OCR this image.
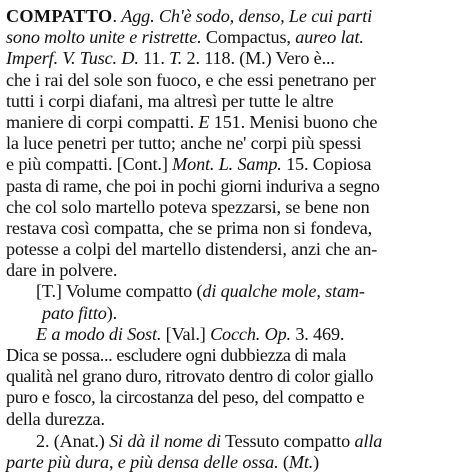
COMPATTO. Agg. Ch'è sodo, denso, Le cui parti
sono molto unite e ristrette. Compactus, aureo lat.
Imperf. V. Tusc. D. 11. T. 2. 118. (M.) Vero è...
che i rai del sole son fuoco, e che essi penetrano per
tutti i corpi diafani, ma altresì per tutte le altre
maniere di corpi compatti. E 151. Menisi buono che
la luce penetri per tutto; anche ne' corpi più spessi
e più compatti. [Cont.] Mont. L. Samp. 15. Copiosa
pasta di rame, che poi in pochi giorni induriva a segno
che col solo martello poteva spezzarsi, se bene non
restava così compatta, che se prima non si fondeva,
potesse a colpi del martello distendersi, anzi che an-
dare in polvere.
[T.] Volume compatto (di qualche mole, stam-
pato fitto).
E a modo di Sost. [Val.] Cocch. Op. 3. 469.
Dica se possa... escludere ogni dubbiezza di mala
qualità nel grano duro, ritrovato dentro di color giallo
puro e fosco, la circostanza del peso, del compatto e
della durezza.
2. (Anat.) Si dà il nome di Tessuto compatto alla
parte più dura, e più densa delle ossa. (Mt.)
